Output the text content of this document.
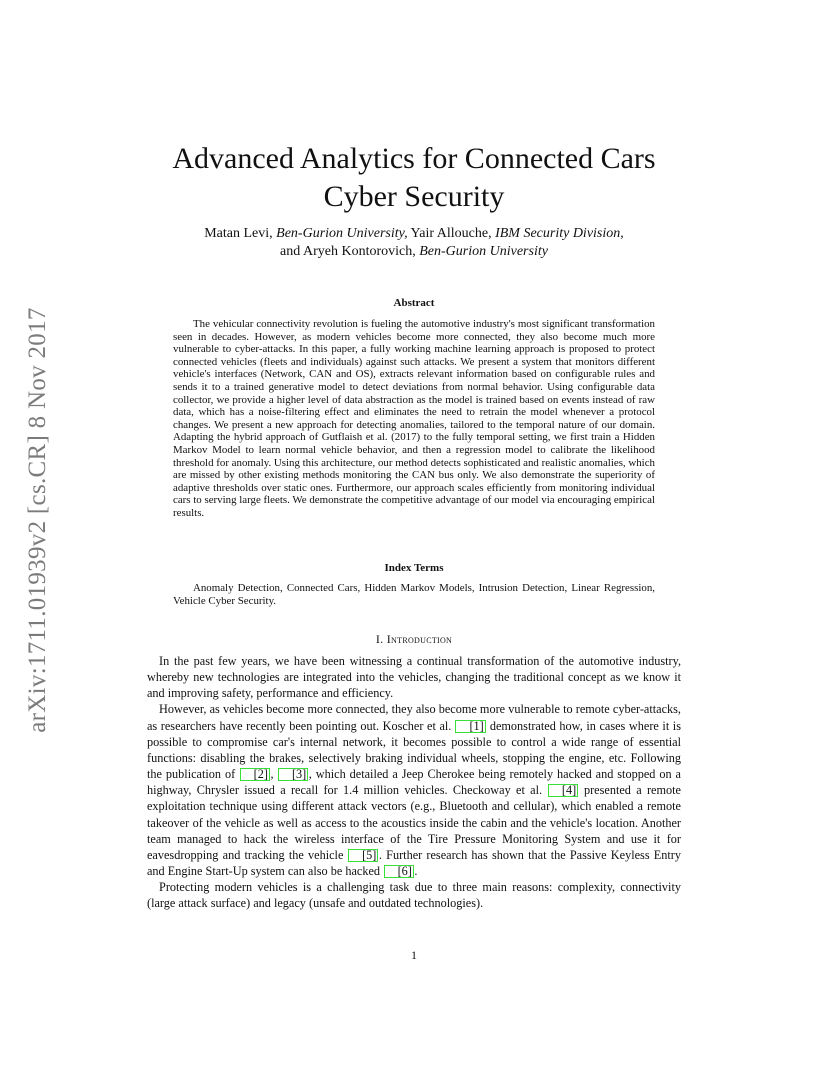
arXiv:1711.01939v2 [cs.CR] 8 Nov 2017
Advanced Analytics for Connected Cars
Cyber Security
Matan Levi, Ben-Gurion University, Yair Allouche, IBM Security Division,
and Aryeh Kontorovich, Ben-Gurion University
Abstract
The vehicular connectivity revolution is fueling the automotive industry's most significant transformation seen in decades. However, as modern vehicles become more connected, they also become much more vulnerable to cyber-attacks. In this paper, a fully working machine learning approach is proposed to protect connected vehicles (fleets and individuals) against such attacks. We present a system that monitors different vehicle's interfaces (Network, CAN and OS), extracts relevant information based on configurable rules and sends it to a trained generative model to detect deviations from normal behavior. Using configurable data collector, we provide a higher level of data abstraction as the model is trained based on events instead of raw data, which has a noise-filtering effect and eliminates the need to retrain the model whenever a protocol changes. We present a new approach for detecting anomalies, tailored to the temporal nature of our domain. Adapting the hybrid approach of Gutflaish et al. (2017) to the fully temporal setting, we first train a Hidden Markov Model to learn normal vehicle behavior, and then a regression model to calibrate the likelihood threshold for anomaly. Using this architecture, our method detects sophisticated and realistic anomalies, which are missed by other existing methods monitoring the CAN bus only. We also demonstrate the superiority of adaptive thresholds over static ones. Furthermore, our approach scales efficiently from monitoring individual cars to serving large fleets. We demonstrate the competitive advantage of our model via encouraging empirical results.
Index Terms
Anomaly Detection, Connected Cars, Hidden Markov Models, Intrusion Detection, Linear Regression, Vehicle Cyber Security.
I. Introduction

In the past few years, we have been witnessing a continual transformation of the automotive industry, whereby new technologies are integrated into the vehicles, changing the traditional concept as we know it and improving safety, performance and efficiency.

However, as vehicles become more connected, they also become more vulnerable to remote cyber-attacks, as researchers have recently been pointing out. Koscher et al. [1] demonstrated how, in cases where it is possible to compromise car's internal network, it becomes possible to control a wide range of essential functions: disabling the brakes, selectively braking individual wheels, stopping the engine, etc. Following the publication of [2] , [3] , which detailed a Jeep Cherokee being remotely hacked and stopped on a highway, Chrysler issued a recall for 1.4 million vehicles. Checkoway et al. [4] presented a remote exploitation technique using different attack vectors (e.g., Bluetooth and cellular), which enabled a remote takeover of the vehicle as well as access to the acoustics inside the cabin and the vehicle's location. Another team managed to hack the wireless interface of the Tire Pressure Monitoring System and use it for eavesdropping and tracking the vehicle [5] . Further research has shown that the Passive Keyless Entry and Engine Start-Up system can also be hacked [6] .

Protecting modern vehicles is a challenging task due to three main reasons: complexity, connectivity (large attack surface) and legacy (unsafe and outdated technologies).

1
